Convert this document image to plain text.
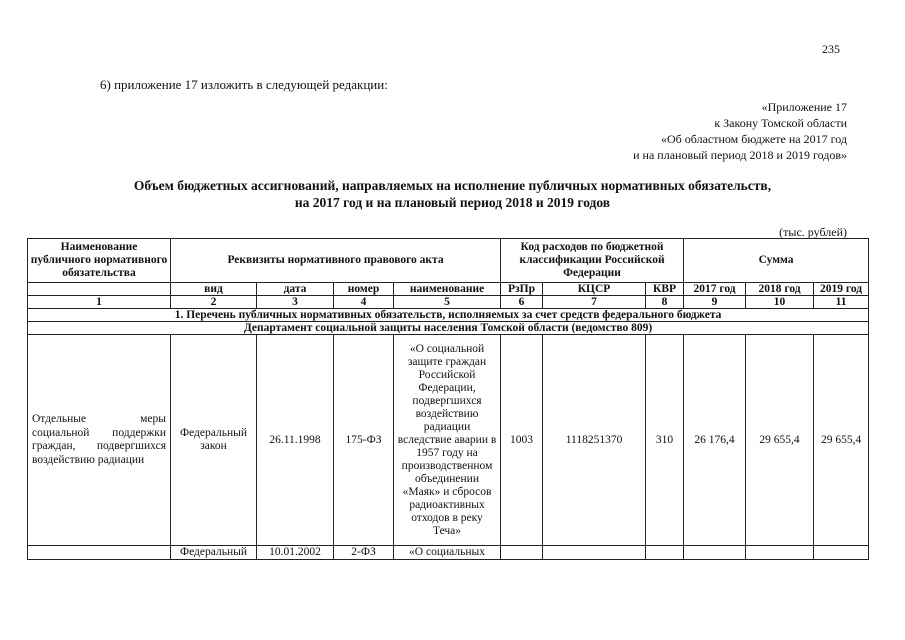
235
6) приложение 17 изложить в следующей редакции:
«Приложение 17
к Закону Томской области
«Об областном бюджете на 2017 год
и на плановый период 2018 и 2019 годов»
Объем бюджетных ассигнований, направляемых на исполнение публичных нормативных обязательств,
на 2017 год и на плановый период 2018 и 2019 годов
(тыс. рублей)
Наименование публичного нормативного обязательства	Реквизиты нормативного правового акта				Код расходов по бюджетной классификации Российской Федерации			Сумма		
	вид	дата	номер	наименование	РзПр	КЦСР	КВР	2017 год	2018 год	2019 год
1	2	3	4	5	6	7	8	9	10	11
1. Перечень публичных нормативных обязательств, исполняемых за счет средств федерального бюджета										
Департамент социальной защиты населения Томской области (ведомство 809)										
Отдельные меры социальной поддержки граждан, подвергшихся воздействию радиации	Федеральный закон	26.11.1998	175-ФЗ	«О социальной защите граждан Российской Федерации, подвергшихся воздействию радиации вследствие аварии в 1957 году на производственном объединении «Маяк» и сбросов радиоактивных отходов в реку Теча»	1003	1118251370	310	26 176,4	29 655,4	29 655,4
	Федеральный	10.01.2002	2-ФЗ	«О социальных						
